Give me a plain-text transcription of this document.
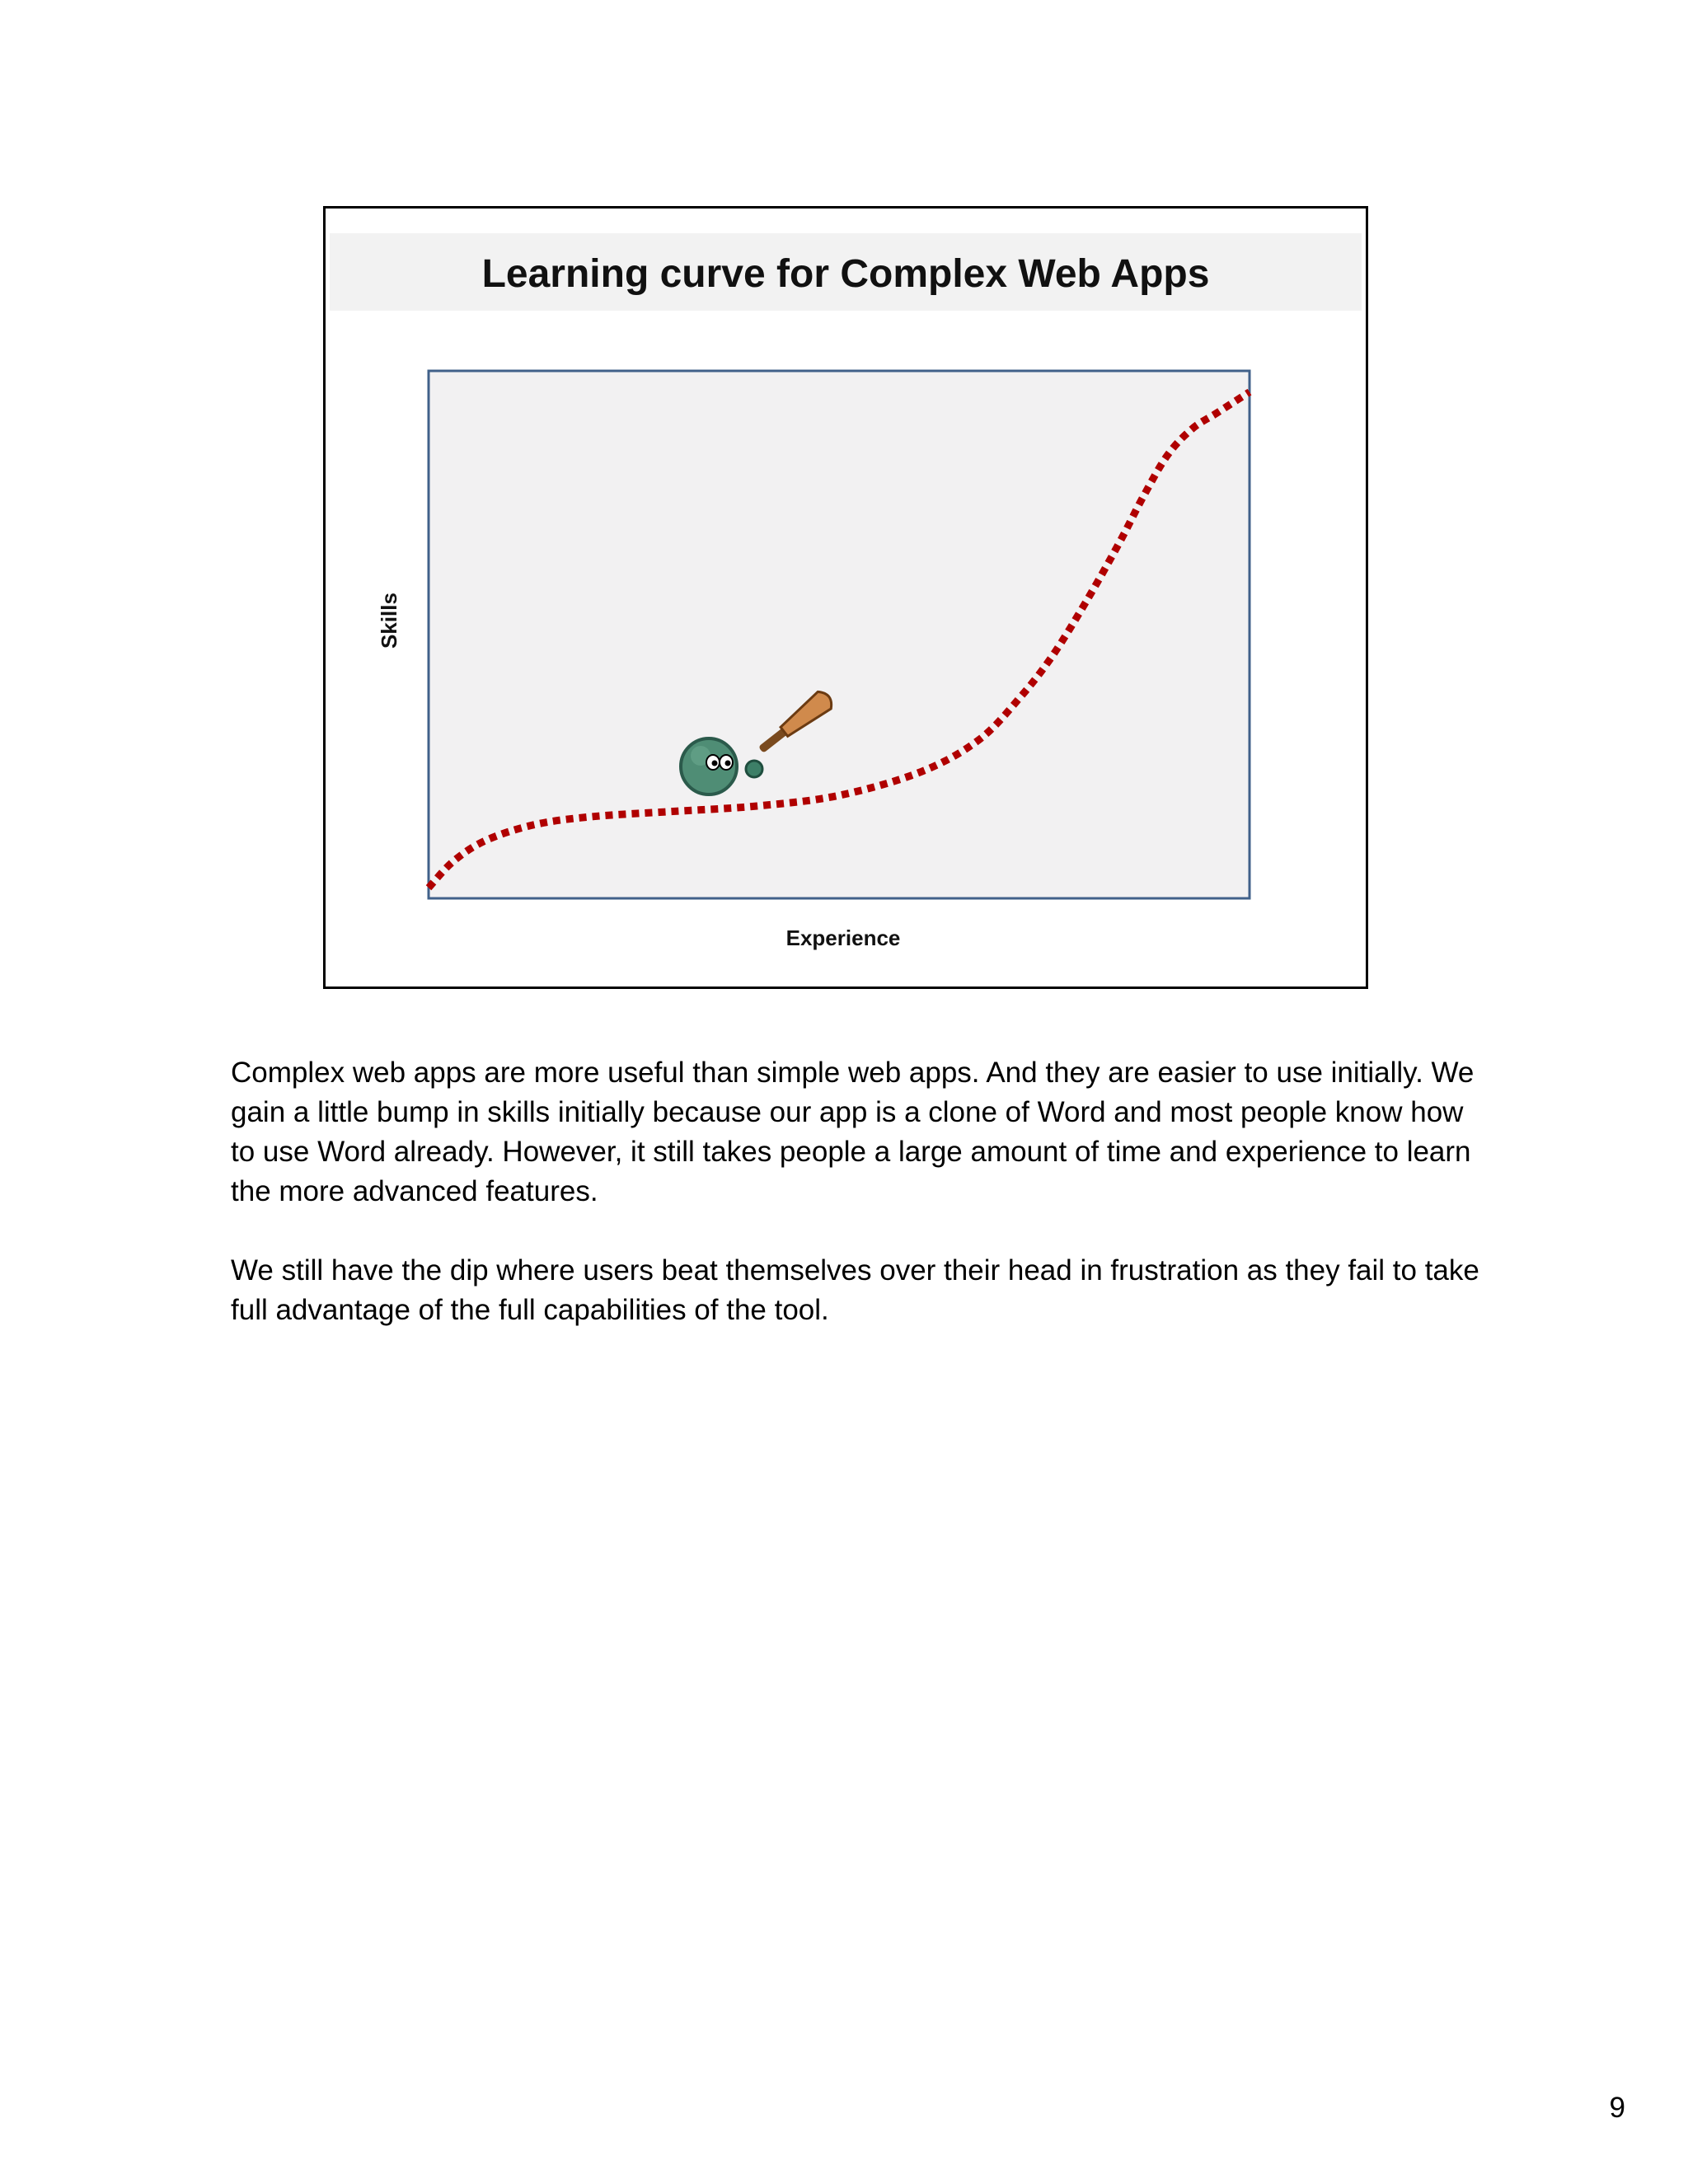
Learning curve for Complex Web Apps
Experience
Skills

Complex web apps are more useful than simple web apps. And they are easier to use initially. We gain a little bump in skills initially because our app is a clone of Word and most people know how to use Word already. However, it still takes people a large amount of time and experience to learn the more advanced features.

We still have the dip where users beat themselves over their head in frustration as they fail to take full advantage of the full capabilities of the tool.

9
